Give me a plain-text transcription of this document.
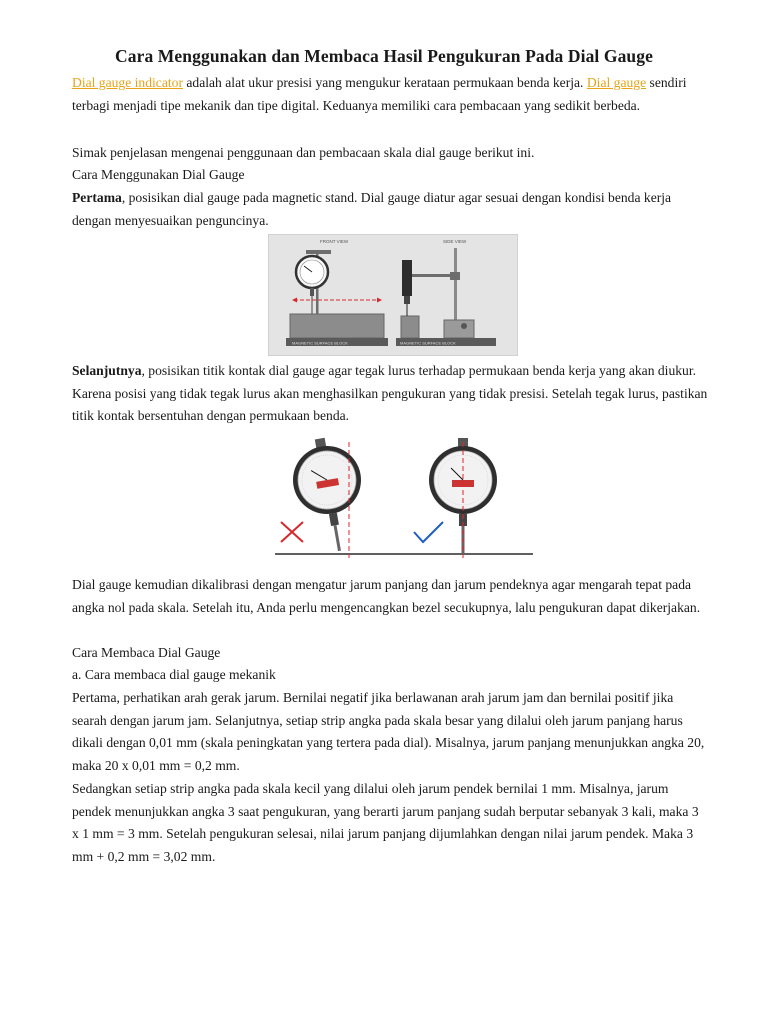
Cara Menggunakan dan Membaca Hasil Pengukuran Pada Dial Gauge

Dial gauge indicator adalah alat ukur presisi yang mengukur kerataan permukaan benda kerja. Dial gauge sendiri terbagi menjadi tipe mekanik dan tipe digital. Keduanya memiliki cara pembacaan yang sedikit berbeda.

Simak penjelasan mengenai penggunaan dan pembacaan skala dial gauge berikut ini.

Cara Menggunakan Dial Gauge

Pertama, posisikan dial gauge pada magnetic stand. Dial gauge diatur agar sesuai dengan kondisi benda kerja dengan menyesuaikan penguncinya.

FRONT VIEW	SIDE VIEW
MAGNETIC SURFACE BLOCK	MAGNETIC SURFACE BLOCK

Selanjutnya, posisikan titik kontak dial gauge agar tegak lurus terhadap permukaan benda kerja yang akan diukur. Karena posisi yang tidak tegak lurus akan menghasilkan pengukuran yang tidak presisi. Setelah tegak lurus, pastikan titik kontak bersentuhan dengan permukaan benda.

Dial gauge kemudian dikalibrasi dengan mengatur jarum panjang dan jarum pendeknya agar mengarah tepat pada angka nol pada skala. Setelah itu, Anda perlu mengencangkan bezel secukupnya, lalu pengukuran dapat dikerjakan.

Cara Membaca Dial Gauge

a. Cara membaca dial gauge mekanik

Pertama, perhatikan arah gerak jarum. Bernilai negatif jika berlawanan arah jarum jam dan bernilai positif jika searah dengan jarum jam. Selanjutnya, setiap strip angka pada skala besar yang dilalui oleh jarum panjang harus dikali dengan 0,01 mm (skala peningkatan yang tertera pada dial). Misalnya, jarum panjang menunjukkan angka 20, maka 20 x 0,01 mm = 0,2 mm.

Sedangkan setiap strip angka pada skala kecil yang dilalui oleh jarum pendek bernilai 1 mm. Misalnya, jarum pendek menunjukkan angka 3 saat pengukuran, yang berarti jarum panjang sudah berputar sebanyak 3 kali, maka 3 x 1 mm = 3 mm. Setelah pengukuran selesai, nilai jarum panjang dijumlahkan dengan nilai jarum pendek. Maka 3 mm + 0,2 mm = 3,02 mm.
